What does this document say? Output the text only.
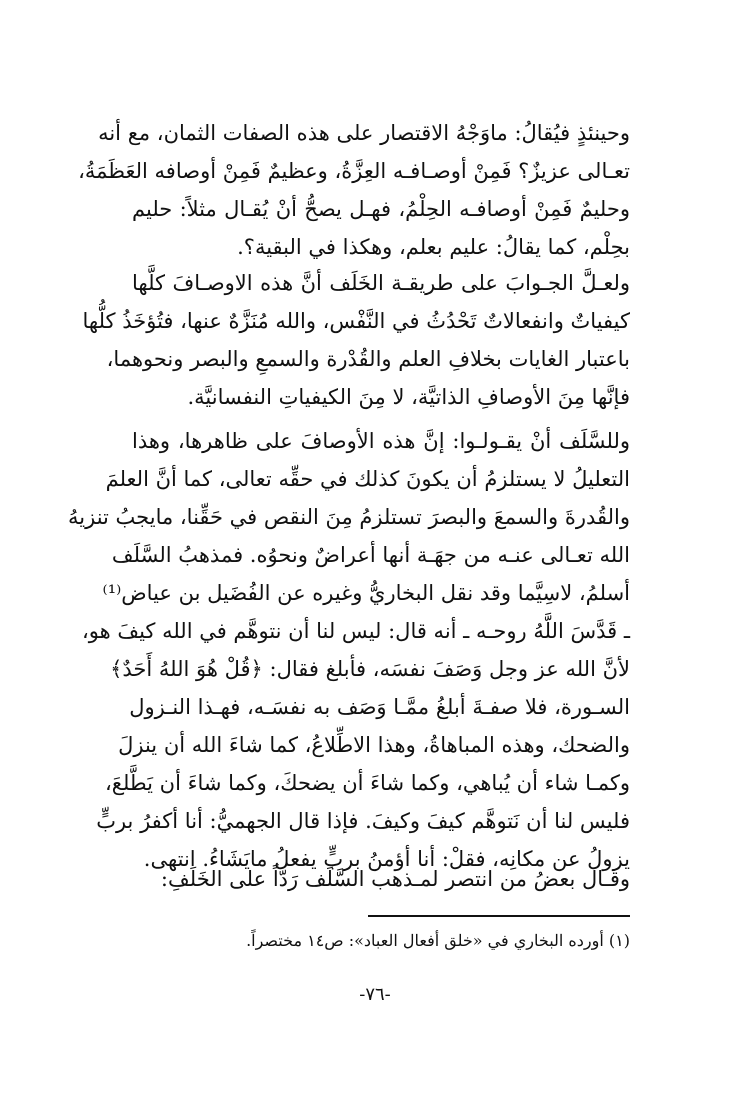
وحينئذٍ فيُقالُ: ماوَجْهُ الاقتصار على هذه الصفات الثمان، مع أنه
تعـالى عزيزٌ؟ فَمِنْ أوصـافـه العِزَّةُ، وعظيمٌ فَمِنْ أوصافه العَظَمَةُ،
وحليمٌ فَمِنْ أوصافـه الحِلْمُ، فهـل يصحُّ أنْ يُقـال مثلاً: حليم
بحِلْم، كما يقالُ: عليم بعلم، وهكذا في البقية؟.
ولعـلَّ الجـوابَ على طريقـة الخَلَف أنَّ هذه الاوصـافَ كلَّها
كيفياتٌ وانفعالاتٌ تَحْدُثُ في النَّفْس، والله مُنَزَّهٌ عنها، فتُؤخَذُ كلُّها
باعتبار الغايات بخلافِ العلم والقُدْرة والسمعِ والبصر ونحوهما،
فإنَّها مِنَ الأوصافِ الذاتيَّة، لا مِنَ الكيفياتِ النفسانيَّة.
وللسَّلَف أنْ يقـولـوا: إنَّ هذه الأوصافَ على ظاهرها، وهذا
التعليلُ لا يستلزمُ أن يكونَ كذلك في حقِّه تعالى، كما أنَّ العلمَ
والقُدرةَ والسمعَ والبصرَ تستلزمُ مِنَ النقص في حَقِّنا، مايجبُ تنزيهُ
الله تعـالى عنـه من جهَـة أنها أعراضٌ ونحوُه. فمذهبُ السَّلَف
أسلمُ، لاسِيَّما وقد نقل البخاريُّ وغيره عن الفُضَيل بن عياض⁽¹⁾
ـ قَدَّسَ اللَّهُ روحـه ـ أنه قال: ليس لنا أن نتوهَّم في الله كيفَ هو،
لأنَّ الله عز وجل وَصَفَ نفسَه، فأبلغ فقال: ﴿قُلْ هُوَ اللهُ أَحَدٌ﴾
السـورة، فلا صفـةَ أبلغُ ممَّـا وَصَف به نفسَـه، فهـذا النـزول
والضحك، وهذه المباهاةُ، وهذا الاطِّلاعُ، كما شاءَ الله أن ينزلَ
وكمـا شاء أن يُباهي، وكما شاءَ أن يضحكَ، وكما شاءَ أن يَطَّلعَ،
فليس لنا أن نَتوهَّم كيفَ وكيفَ. فإذا قال الجهميُّ: أنا أكفرُ بربٍّ
يزولُ عن مكانِه، فقلْ: أنا أؤمنُ بربٍّ يفعلُ مايَشَاءُ. انتهى.
وقـال بعضُ من انتصر لمـذهب السَّلَف رَدّاً على الخَلَفِ:
(١) أورده البخاري في «خلق أفعال العباد»: ص١٤ مختصراً.
-٧٦-
